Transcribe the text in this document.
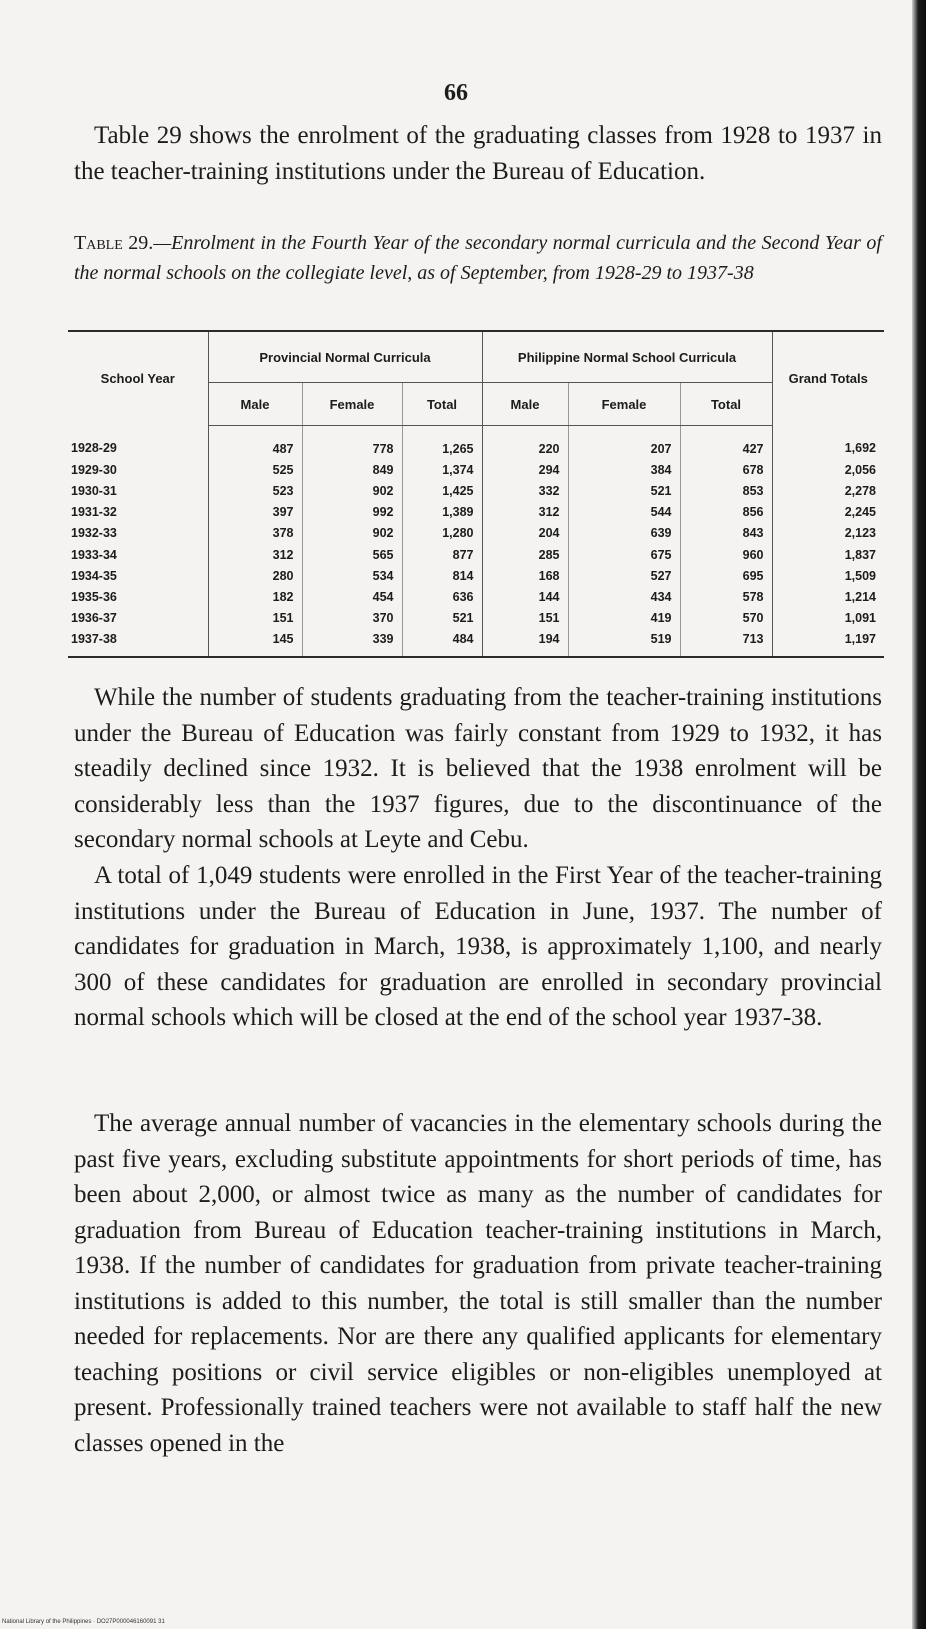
66

Table 29 shows the enrolment of the graduating classes from 1928 to 1937 in the teacher-training institutions under the Bureau of Education.

Table 29.—Enrolment in the Fourth Year of the secondary normal curricula and the Second Year of the normal schools on the collegiate level, as of September, from 1928-29 to 1937-38

School Year	Provincial Normal Curricula			Philippine Normal School Curricula			Grand Totals
	Male	Female	Total	Male	Female	Total	
1928-29	487	778	1,265	220	207	427	1,692
1929-30	525	849	1,374	294	384	678	2,056
1930-31	523	902	1,425	332	521	853	2,278
1931-32	397	992	1,389	312	544	856	2,245
1932-33	378	902	1,280	204	639	843	2,123
1933-34	312	565	877	285	675	960	1,837
1934-35	280	534	814	168	527	695	1,509
1935-36	182	454	636	144	434	578	1,214
1936-37	151	370	521	151	419	570	1,091
1937-38	145	339	484	194	519	713	1,197

While the number of students graduating from the teacher-training institutions under the Bureau of Education was fairly constant from 1929 to 1932, it has steadily declined since 1932. It is believed that the 1938 enrolment will be considerably less than the 1937 figures, due to the discontinuance of the secondary normal schools at Leyte and Cebu.

A total of 1,049 students were enrolled in the First Year of the teacher-training institutions under the Bureau of Education in June, 1937. The number of candidates for graduation in March, 1938, is approximately 1,100, and nearly 300 of these candidates for graduation are enrolled in secondary provincial normal schools which will be closed at the end of the school year 1937-38.

The average annual number of vacancies in the elementary schools during the past five years, excluding substitute appointments for short periods of time, has been about 2,000, or almost twice as many as the number of candidates for graduation from Bureau of Education teacher-training institutions in March, 1938. If the number of candidates for graduation from private teacher-training institutions is added to this number, the total is still smaller than the number needed for replacements. Nor are there any qualified applicants for elementary teaching positions or civil service eligibles or non-eligibles unemployed at present. Professionally trained teachers were not available to staff half the new classes opened in the

National Library of the Philippines · DO27P000046160091 31
